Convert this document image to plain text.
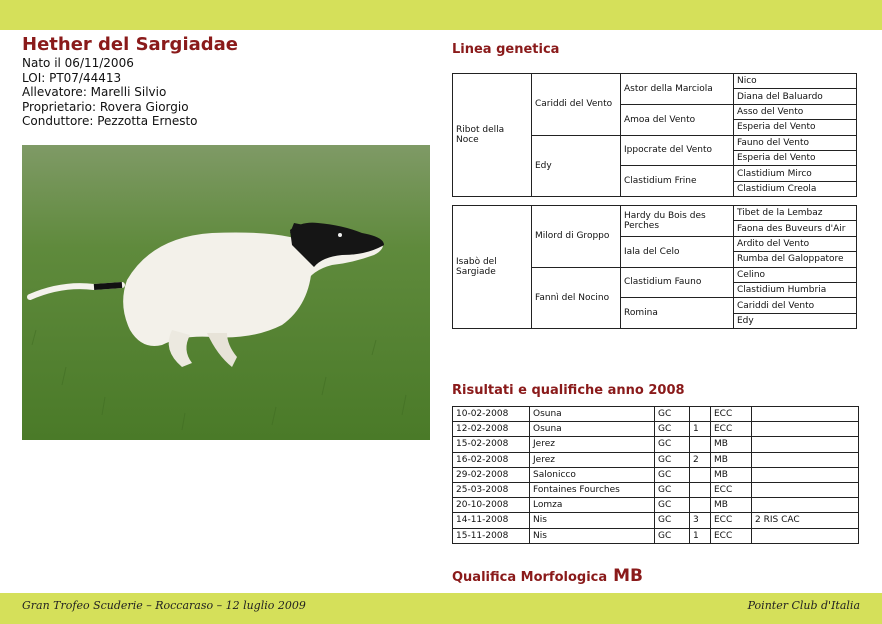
Hether del Sargiadae
Nato il 06/11/2006
LOI: PT07/44413
Allevatore: Marelli Silvio
Proprietario: Rovera Giorgio
Conduttore: Pezzotta Ernesto
Linea genetica
Ribot della Noce	Cariddi del Vento	Astor della Marciola	Nico
			Diana del Baluardo
		Amoa del Vento	Asso del Vento
			Esperia del Vento
	Edy	Ippocrate del Vento	Fauno del Vento
			Esperia del Vento
		Clastidium Frine	Clastidium Mirco
			Clastidium Creola
Isabò del Sargiade	Milord di Groppo	Hardy du Bois des Perches	Tibet de la Lembaz
			Faona des Buveurs d'Air
		Iala del Celo	Ardito del Vento
			Rumba del Galoppatore
	Fannì del Nocino	Clastidium Fauno	Celino
			Clastidium Humbria
		Romina	Cariddi del Vento
			Edy
Risultati e qualifiche anno 2008
10-02-2008	Osuna	GC		ECC	
12-02-2008	Osuna	GC	1	ECC	
15-02-2008	Jerez	GC		MB	
16-02-2008	Jerez	GC	2	MB	
29-02-2008	Salonicco	GC		MB	
25-03-2008	Fontaines Fourches	GC		ECC	
20-10-2008	Lomza	GC		MB	
14-11-2008	Nis	GC	3	ECC	2 RIS CAC
15-11-2008	Nis	GC	1	ECC	
Qualifica Morfologica MB
Gran Trofeo Scuderie – Roccaraso – 12 luglio 2009	Pointer Club d'Italia
